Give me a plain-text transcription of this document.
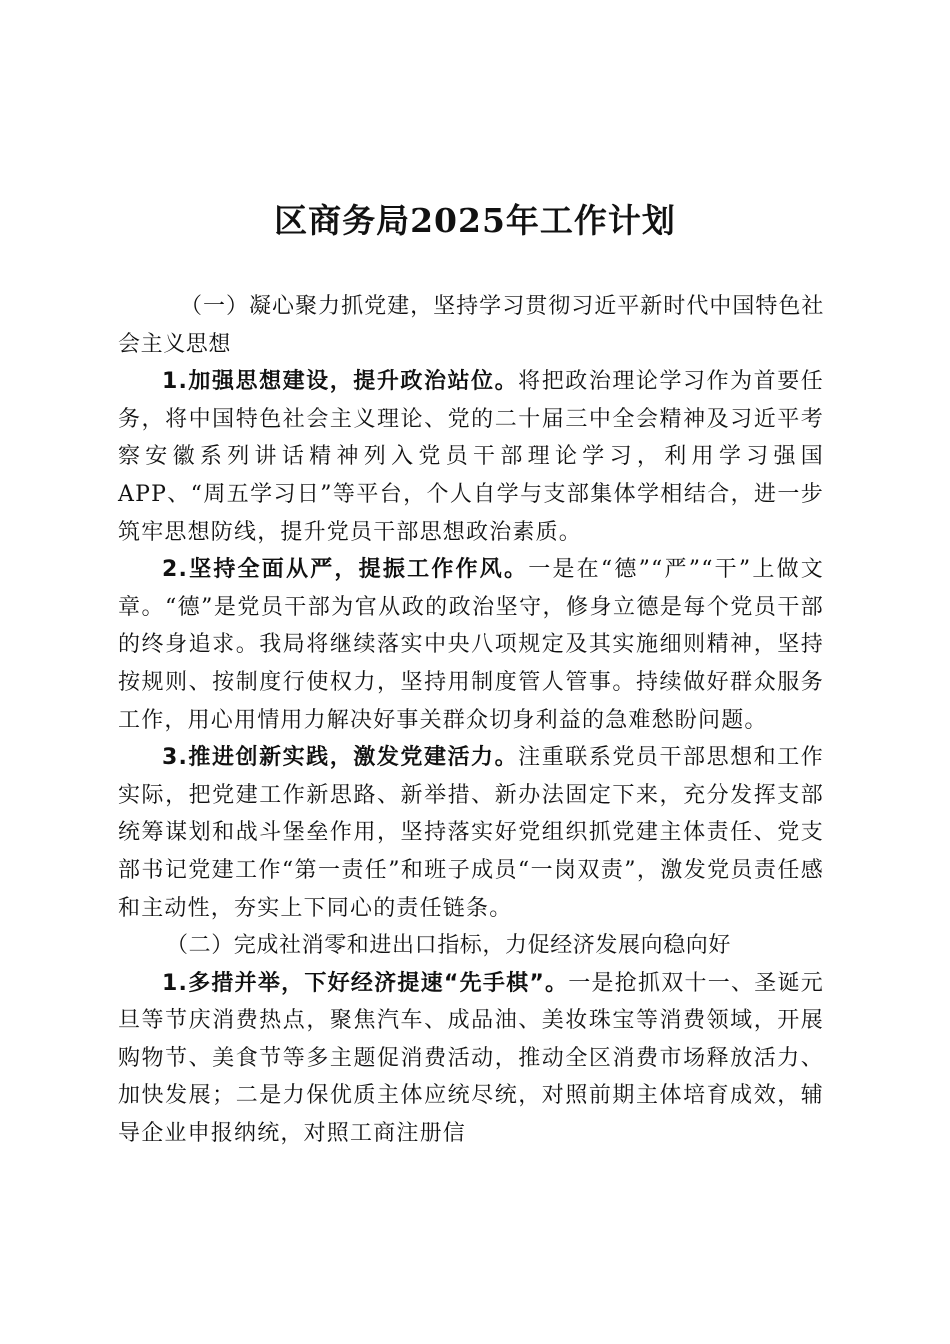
区商务局2025年工作计划

（一）凝心聚力抓党建，坚持学习贯彻习近平新时代中国特色社会主义思想

1.加强思想建设，提升政治站位。将把政治理论学习作为首要任务，将中国特色社会主义理论、党的二十届三中全会精神及习近平考察安徽系列讲话精神列入党员干部理论学习，利用学习强国APP、“周五学习日”等平台，个人自学与支部集体学相结合，进一步筑牢思想防线，提升党员干部思想政治素质。

2.坚持全面从严，提振工作作风。一是在“德”“严”“干”上做文章。“德”是党员干部为官从政的政治坚守，修身立德是每个党员干部的终身追求。我局将继续落实中央八项规定及其实施细则精神，坚持按规则、按制度行使权力，坚持用制度管人管事。持续做好群众服务工作，用心用情用力解决好事关群众切身利益的急难愁盼问题。

3.推进创新实践，激发党建活力。注重联系党员干部思想和工作实际，把党建工作新思路、新举措、新办法固定下来，充分发挥支部统筹谋划和战斗堡垒作用，坚持落实好党组织抓党建主体责任、党支部书记党建工作“第一责任”和班子成员“一岗双责”，激发党员责任感和主动性，夯实上下同心的责任链条。

（二）完成社消零和进出口指标，力促经济发展向稳向好

1.多措并举，下好经济提速“先手棋”。一是抢抓双十一、圣诞元旦等节庆消费热点，聚焦汽车、成品油、美妆珠宝等消费领域，开展购物节、美食节等多主题促消费活动，推动全区消费市场释放活力、加快发展；二是力保优质主体应统尽统，对照前期主体培育成效，辅导企业申报纳统，对照工商注册信
